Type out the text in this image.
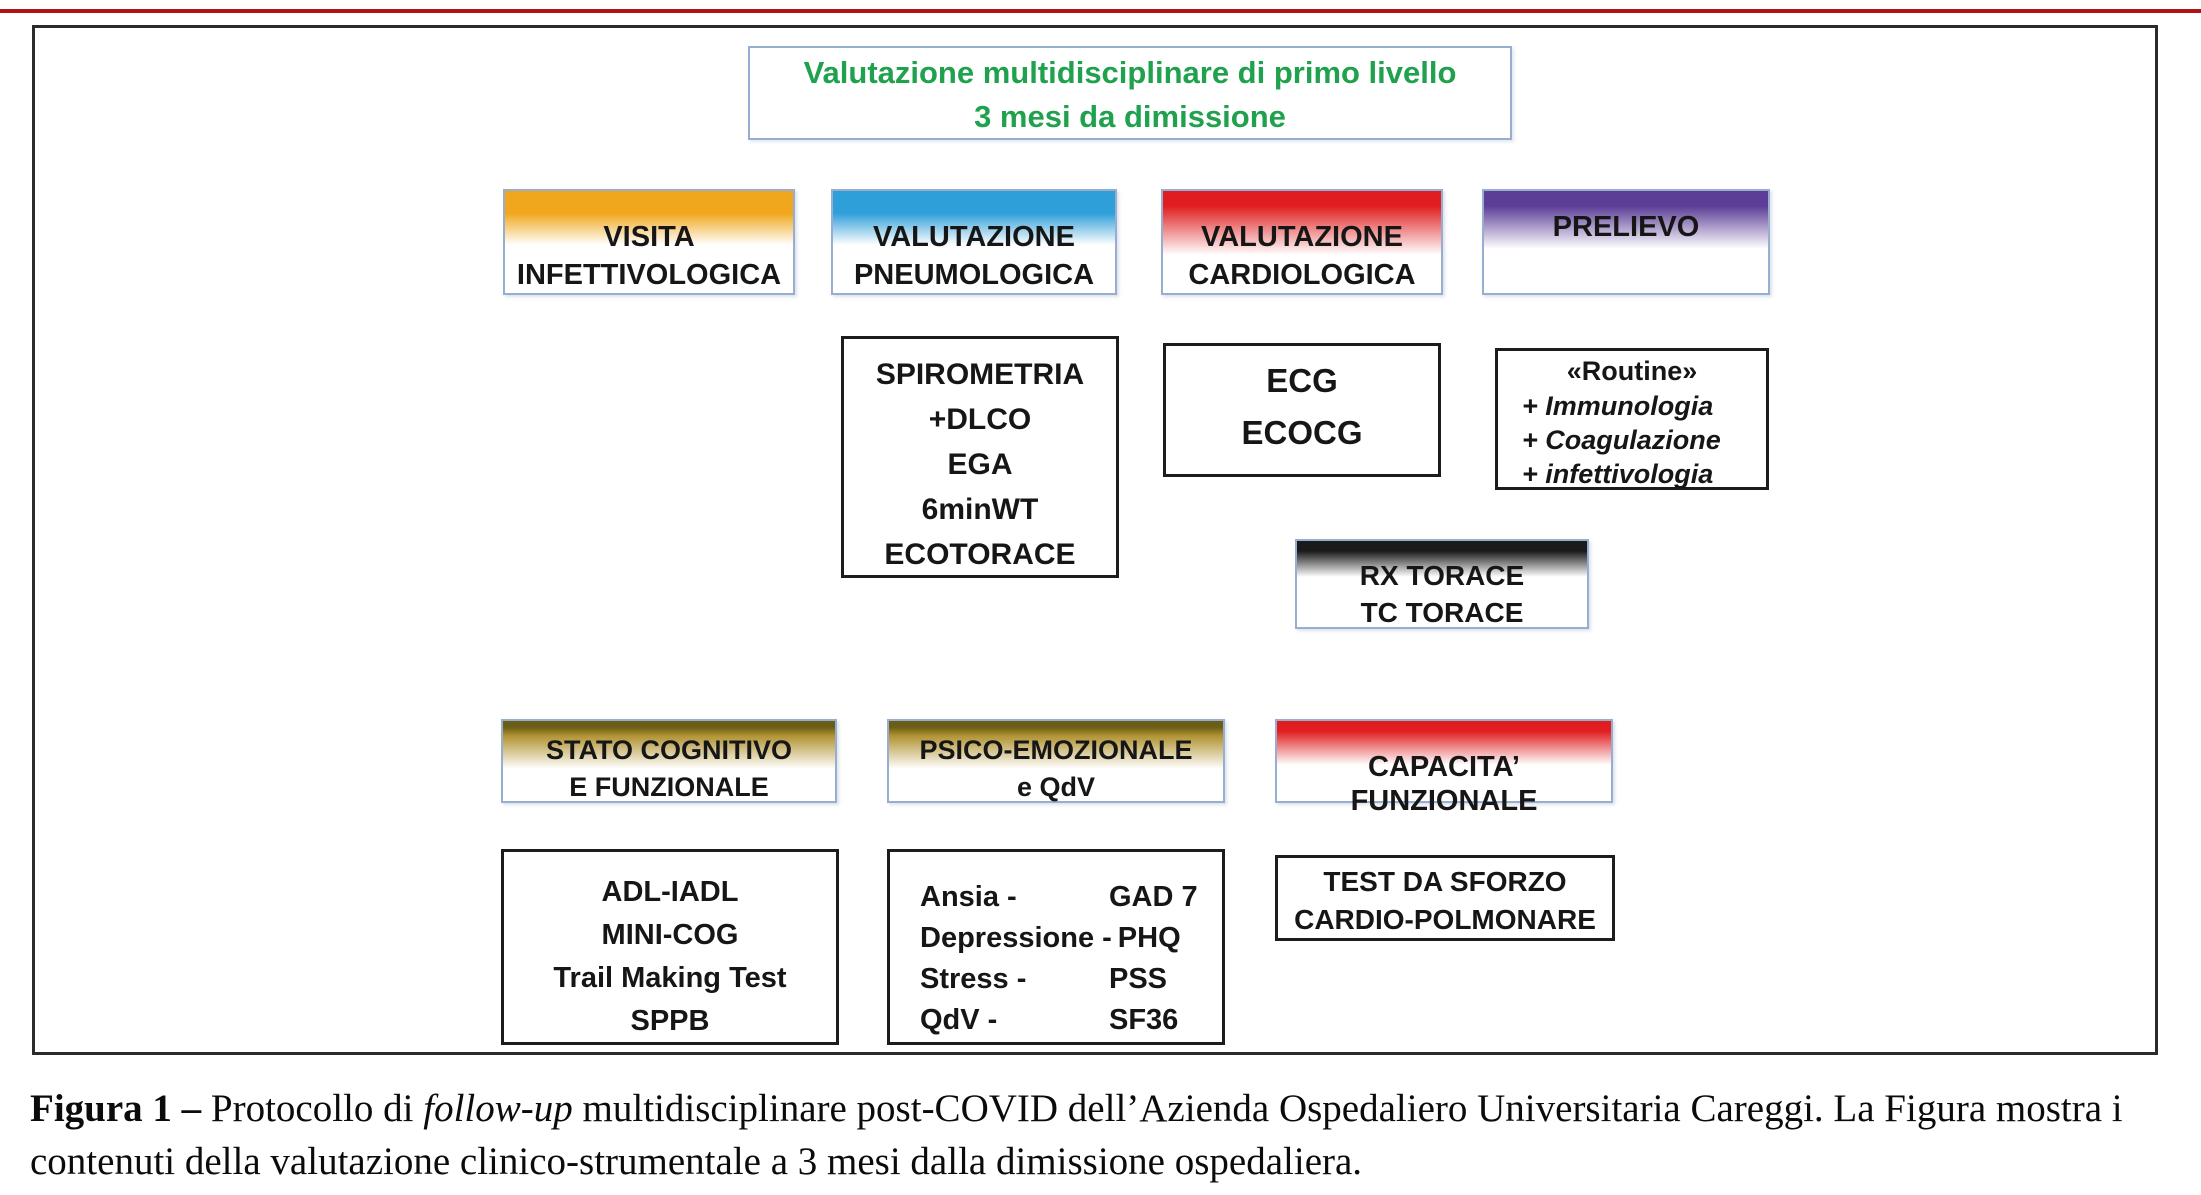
Valutazione multidisciplinare di primo livello
3 mesi da dimissione
VISITA
INFETTIVOLOGICA
VALUTAZIONE
PNEUMOLOGICA
VALUTAZIONE
CARDIOLOGICA
PRELIEVO
SPIROMETRIA
+DLCO
EGA
6minWT
ECOTORACE
ECG
ECOCG
«Routine»
+ Immunologia
+ Coagulazione
+ infettivologia
RX TORACE
TC TORACE
STATO COGNITIVO
E FUNZIONALE
PSICO-EMOZIONALE
e QdV
CAPACITA’ FUNZIONALE
ADL-IADL
MINI-COG
Trail Making Test
SPPB
Ansia -	GAD 7
Depressione - PHQ
Stress -	PSS
QdV -	SF36
TEST DA SFORZO
CARDIO-POLMONARE
Figura 1 – Protocollo di follow-up multidisciplinare post-COVID dell’Azienda Ospedaliero Universitaria Careggi. La Figura mostra i contenuti della valutazione clinico-strumentale a 3 mesi dalla dimissione ospedaliera.
